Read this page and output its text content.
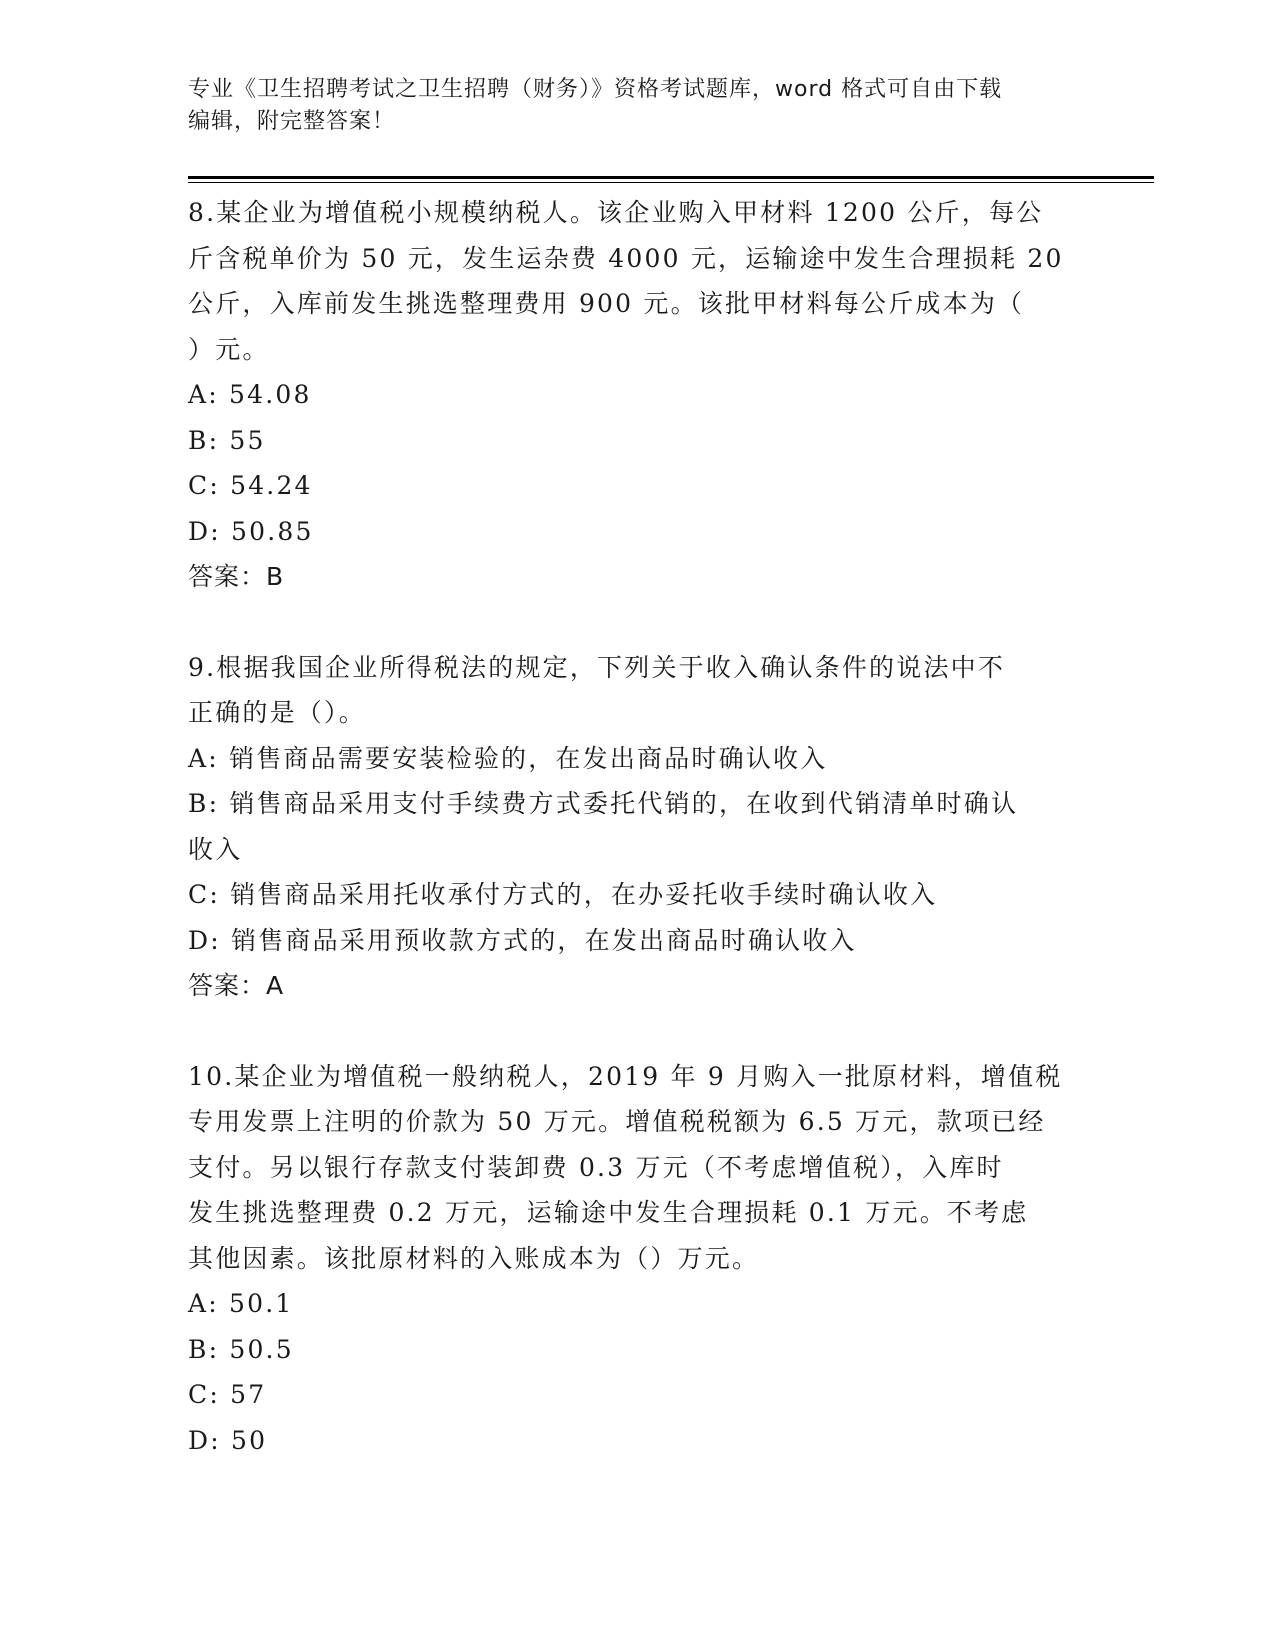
专业《卫生招聘考试之卫生招聘（财务）》资格考试题库，word 格式可自由下载
编辑，附完整答案！
8.某企业为增值税小规模纳税人。该企业购入甲材料 1200 公斤，每公
斤含税单价为 50 元，发生运杂费 4000 元，运输途中发生合理损耗 20
公斤，入库前发生挑选整理费用 900 元。该批甲材料每公斤成本为（
）元。
A: 54.08
B: 55
C: 54.24
D: 50.85
答案：B
9.根据我国企业所得税法的规定，下列关于收入确认条件的说法中不
正确的是（）。
A: 销售商品需要安装检验的，在发出商品时确认收入
B: 销售商品采用支付手续费方式委托代销的，在收到代销清单时确认
收入
C: 销售商品采用托收承付方式的，在办妥托收手续时确认收入
D: 销售商品采用预收款方式的，在发出商品时确认收入
答案：A
10.某企业为增值税一般纳税人，2019 年 9 月购入一批原材料，增值税
专用发票上注明的价款为 50 万元。增值税税额为 6.5 万元，款项已经
支付。另以银行存款支付装卸费 0.3 万元（不考虑增值税），入库时
发生挑选整理费 0.2 万元，运输途中发生合理损耗 0.1 万元。不考虑
其他因素。该批原材料的入账成本为（）万元。
A: 50.1
B: 50.5
C: 57
D: 50
